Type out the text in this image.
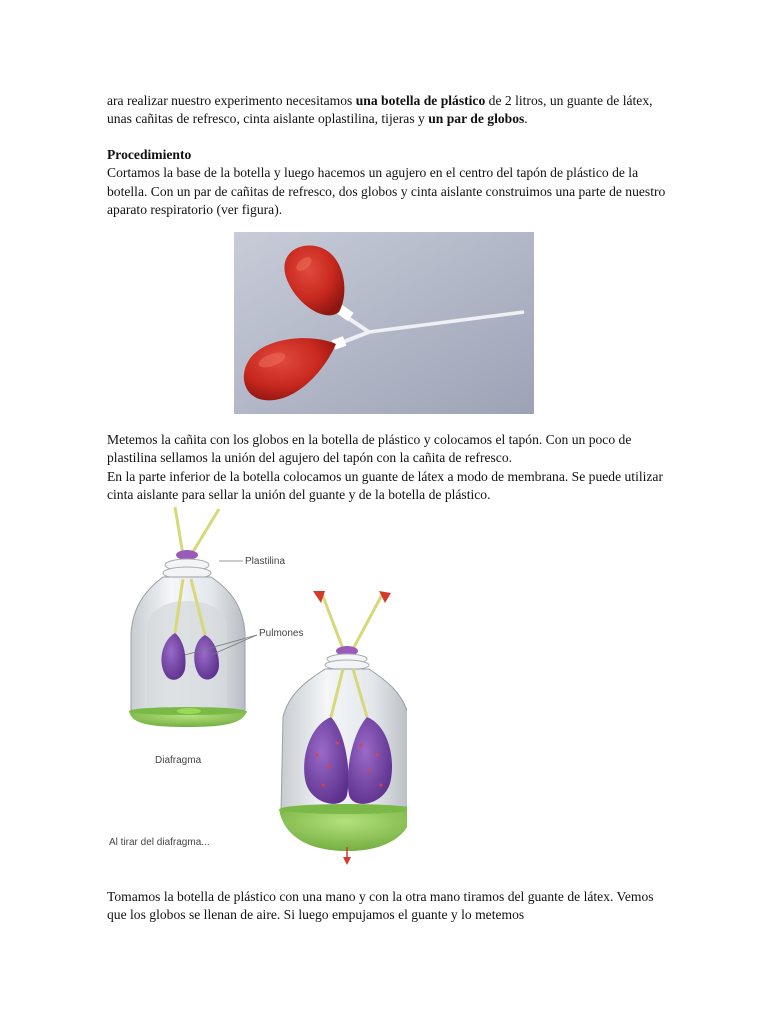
ara realizar nuestro experimento necesitamos una botella de plástico de 2 litros, un guante de látex, unas cañitas de refresco, cinta aislante oplastilina, tijeras y un par de globos.

Procedimiento
Cortamos la base de la botella y luego hacemos un agujero en el centro del tapón de plástico de la botella. Con un par de cañitas de refresco, dos globos y cinta aislante construimos una parte de nuestro aparato respiratorio (ver figura).
Metemos la cañita con los globos en la botella de plástico y colocamos el tapón. Con un poco de plastilina sellamos la unión del agujero del tapón con la cañita de refresco.
En la parte inferior de la botella colocamos un guante de látex a modo de membrana. Se puede utilizar cinta aislante para sellar la unión del guante y de la botella de plástico.
Plastilina
Pulmones
Diafragma
Al tirar del diafragma...
Tomamos la botella de plástico con una mano y con la otra mano tiramos del guante de látex. Vemos que los globos se llenan de aire. Si luego empujamos el guante y lo metemos
